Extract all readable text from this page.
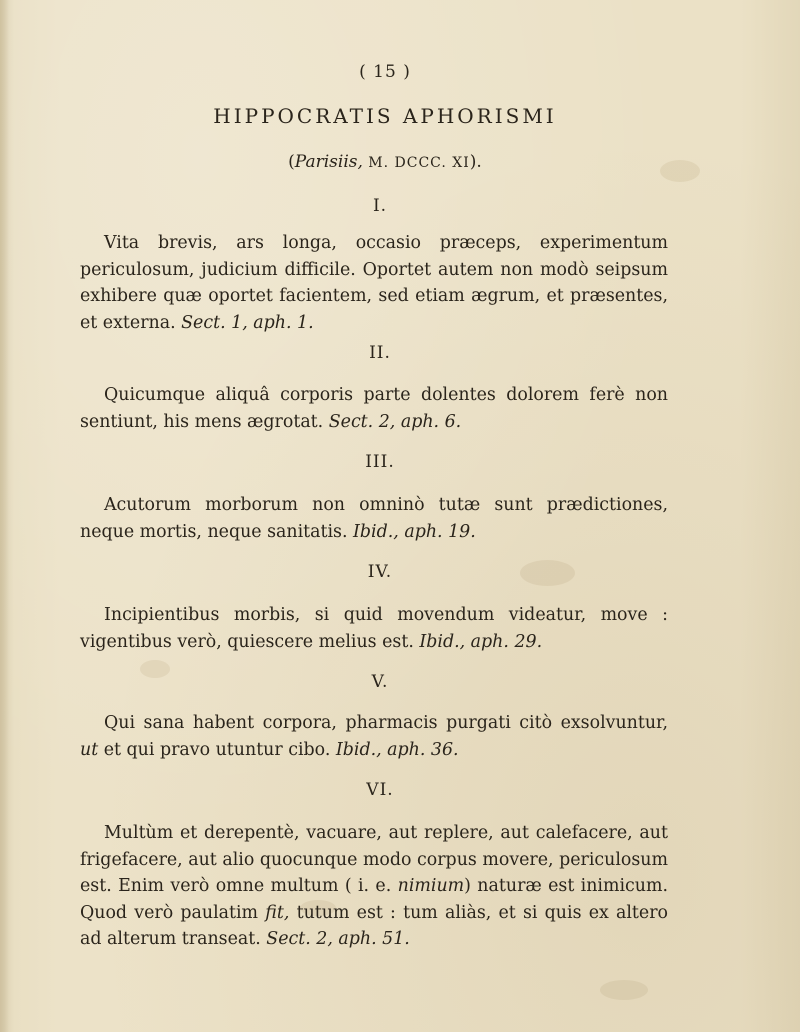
( 15 )
HIPPOCRATIS APHORISMI
(Parisiis, M. DCCC. XI).
I.

Vita brevis, ars longa, occasio præceps, experimentum periculosum, judicium difficile. Oportet autem non modò seipsum exhibere quæ oportet facientem, sed etiam ægrum, et præsentes, et externa. Sect. 1, aph. 1.

II.

Quicumque aliquâ corporis parte dolentes dolorem ferè non sentiunt, his mens ægrotat. Sect. 2, aph. 6.

III.

Acutorum morborum non omninò tutæ sunt prædictiones, neque mortis, neque sanitatis. Ibid., aph. 19.

IV.

Incipientibus morbis, si quid movendum videatur, move : vigentibus verò, quiescere melius est. Ibid., aph. 29.

V.

Qui sana habent corpora, pharmacis purgati citò exsolvuntur, ut et qui pravo utuntur cibo. Ibid., aph. 36.

VI.

Multùm et derepentè, vacuare, aut replere, aut calefacere, aut frigefacere, aut alio quocunque modo corpus movere, periculosum est. Enim verò omne multum ( i. e. nimium) naturæ est inimicum. Quod verò paulatim fit, tutum est : tum aliàs, et si quis ex altero ad alterum transeat. Sect. 2, aph. 51.
